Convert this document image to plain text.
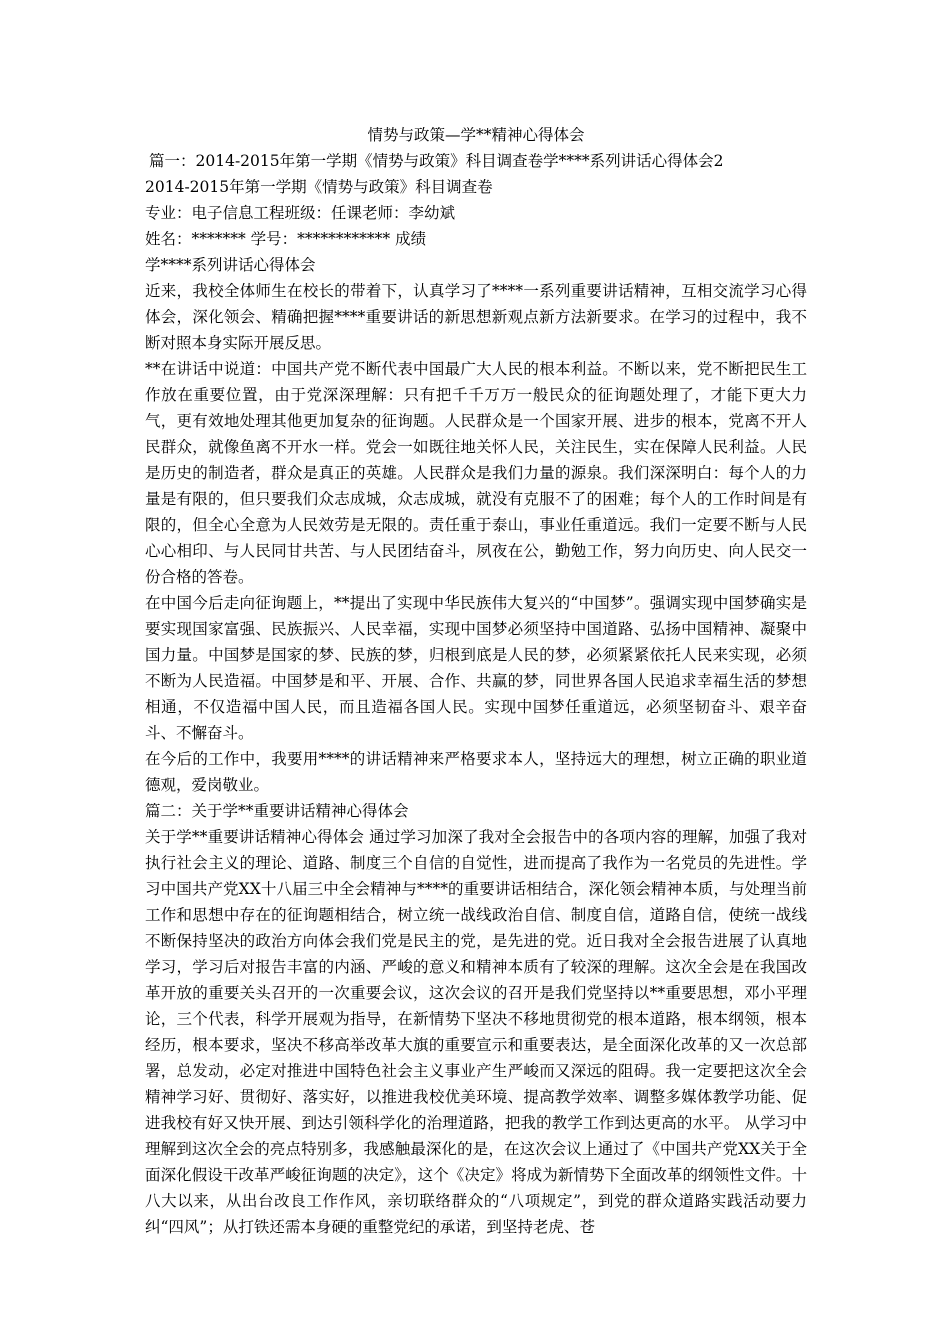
情势与政策—学**精神心得体会

篇一：2014-2015年第一学期《情势与政策》科目调查卷学****系列讲话心得体会2

2014-2015年第一学期《情势与政策》科目调查卷

专业：电子信息工程班级：任课老师：李幼斌

姓名：******* 学号：************ 成绩

学****系列讲话心得体会

近来，我校全体师生在校长的带着下，认真学习了****一系列重要讲话精神，互相交流学习心得体会，深化领会、精确把握****重要讲话的新思想新观点新方法新要求。在学习的过程中，我不断对照本身实际开展反思。

**在讲话中说道：中国共产党不断代表中国最广大人民的根本利益。不断以来，党不断把民生工作放在重要位置，由于党深深理解：只有把千千万万一般民众的征询题处理了，才能下更大力气，更有效地处理其他更加复杂的征询题。人民群众是一个国家开展、进步的根本，党离不开人民群众，就像鱼离不开水一样。党会一如既往地关怀人民，关注民生，实在保障人民利益。人民是历史的制造者，群众是真正的英雄。人民群众是我们力量的源泉。我们深深明白：每个人的力量是有限的，但只要我们众志成城，众志成城，就没有克服不了的困难；每个人的工作时间是有限的，但全心全意为人民效劳是无限的。责任重于泰山，事业任重道远。我们一定要不断与人民心心相印、与人民同甘共苦、与人民团结奋斗，夙夜在公，勤勉工作，努力向历史、向人民交一份合格的答卷。

在中国今后走向征询题上，**提出了实现中华民族伟大复兴的“中国梦”。强调实现中国梦确实是要实现国家富强、民族振兴、人民幸福，实现中国梦必须坚持中国道路、弘扬中国精神、凝聚中国力量。中国梦是国家的梦、民族的梦，归根到底是人民的梦，必须紧紧依托人民来实现，必须不断为人民造福。中国梦是和平、开展、合作、共赢的梦，同世界各国人民追求幸福生活的梦想相通，不仅造福中国人民，而且造福各国人民。实现中国梦任重道远，必须坚韧奋斗、艰辛奋斗、不懈奋斗。

在今后的工作中，我要用****的讲话精神来严格要求本人，坚持远大的理想，树立正确的职业道德观，爱岗敬业。

篇二：关于学**重要讲话精神心得体会

关于学**重要讲话精神心得体会 通过学习加深了我对全会报告中的各项内容的理解，加强了我对执行社会主义的理论、道路、制度三个自信的自觉性，进而提高了我作为一名党员的先进性。学习中国共产党XX十八届三中全会精神与****的重要讲话相结合，深化领会精神本质，与处理当前工作和思想中存在的征询题相结合，树立统一战线政治自信、制度自信，道路自信，使统一战线不断保持坚决的政治方向体会我们党是民主的党，是先进的党。近日我对全会报告进展了认真地学习，学习后对报告丰富的内涵、严峻的意义和精神本质有了较深的理解。这次全会是在我国改革开放的重要关头召开的一次重要会议，这次会议的召开是我们党坚持以**重要思想，邓小平理论，三个代表，科学开展观为指导，在新情势下坚决不移地贯彻党的根本道路，根本纲领，根本经历，根本要求，坚决不移高举改革大旗的重要宣示和重要表达，是全面深化改革的又一次总部署，总发动，必定对推进中国特色社会主义事业产生严峻而又深远的阻碍。我一定要把这次全会精神学习好、贯彻好、落实好，以推进我校优美环境、提高教学效率、调整多媒体教学功能、促进我校有好又快开展、到达引领科学化的治理道路，把我的教学工作到达更高的水平。 从学习中理解到这次全会的亮点特别多，我感触最深化的是，在这次会议上通过了《中国共产党XX关于全面深化假设干改革严峻征询题的决定》，这个《决定》将成为新情势下全面改革的纲领性文件。十八大以来，从出台改良工作作风，亲切联络群众的“八项规定”，到党的群众道路实践活动要力纠“四风”；从打铁还需本身硬的重整党纪的承诺，到坚持老虎、苍
